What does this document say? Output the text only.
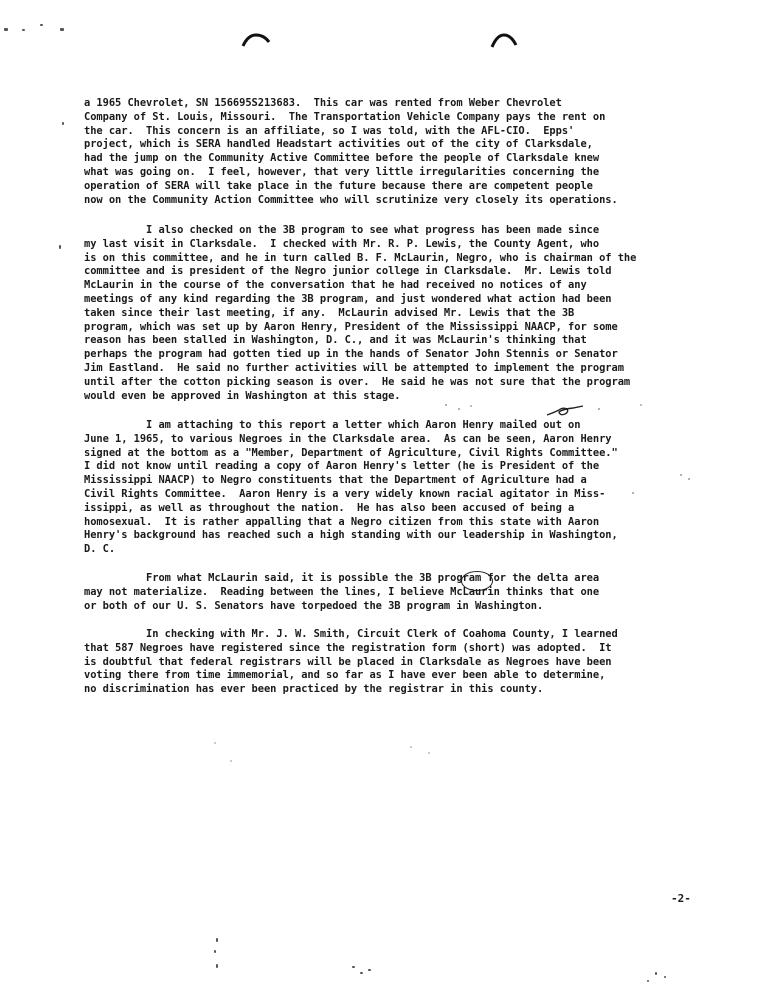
a 1965 Chevrolet, SN 156695S213683.  This car was rented from Weber Chevrolet
Company of St. Louis, Missouri.  The Transportation Vehicle Company pays the rent on
the car.  This concern is an affiliate, so I was told, with the AFL-CIO.  Epps'
project, which is SERA handled Headstart activities out of the city of Clarksdale,
had the jump on the Community Active Committee before the people of Clarksdale knew
what was going on.  I feel, however, that very little irregularities concerning the
operation of SERA will take place in the future because there are competent people
now on the Community Action Committee who will scrutinize very closely its operations.
I also checked on the 3B program to see what progress has been made since
my last visit in Clarksdale.  I checked with Mr. R. P. Lewis, the County Agent, who
is on this committee, and he in turn called B. F. McLaurin, Negro, who is chairman of the
committee and is president of the Negro junior college in Clarksdale.  Mr. Lewis told
McLaurin in the course of the conversation that he had received no notices of any
meetings of any kind regarding the 3B program, and just wondered what action had been
taken since their last meeting, if any.  McLaurin advised Mr. Lewis that the 3B
program, which was set up by Aaron Henry, President of the Mississippi NAACP, for some
reason has been stalled in Washington, D. C., and it was McLaurin's thinking that
perhaps the program had gotten tied up in the hands of Senator John Stennis or Senator
Jim Eastland.  He said no further activities will be attempted to implement the program
until after the cotton picking season is over.  He said he was not sure that the program
would even be approved in Washington at this stage.
I am attaching to this report a letter which Aaron Henry mailed out on
June 1, 1965, to various Negroes in the Clarksdale area.  As can be seen, Aaron Henry
signed at the bottom as a "Member, Department of Agriculture, Civil Rights Committee."
I did not know until reading a copy of Aaron Henry's letter (he is President of the
Mississippi NAACP) to Negro constituents that the Department of Agriculture had a
Civil Rights Committee.  Aaron Henry is a very widely known racial agitator in Miss-
issippi, as well as throughout the nation.  He has also been accused of being a
homosexual.  It is rather appalling that a Negro citizen from this state with Aaron
Henry's background has reached such a high standing with our leadership in Washington,
D. C.
From what McLaurin said, it is possible the 3B program for the delta area
may not materialize.  Reading between the lines, I believe McLaurin thinks that one
or both of our U. S. Senators have torpedoed the 3B program in Washington.
In checking with Mr. J. W. Smith, Circuit Clerk of Coahoma County, I learned
that 587 Negroes have registered since the registration form (short) was adopted.  It
is doubtful that federal registrars will be placed in Clarksdale as Negroes have been
voting there from time immemorial, and so far as I have ever been able to determine,
no discrimination has ever been practiced by the registrar in this county.
-2-
